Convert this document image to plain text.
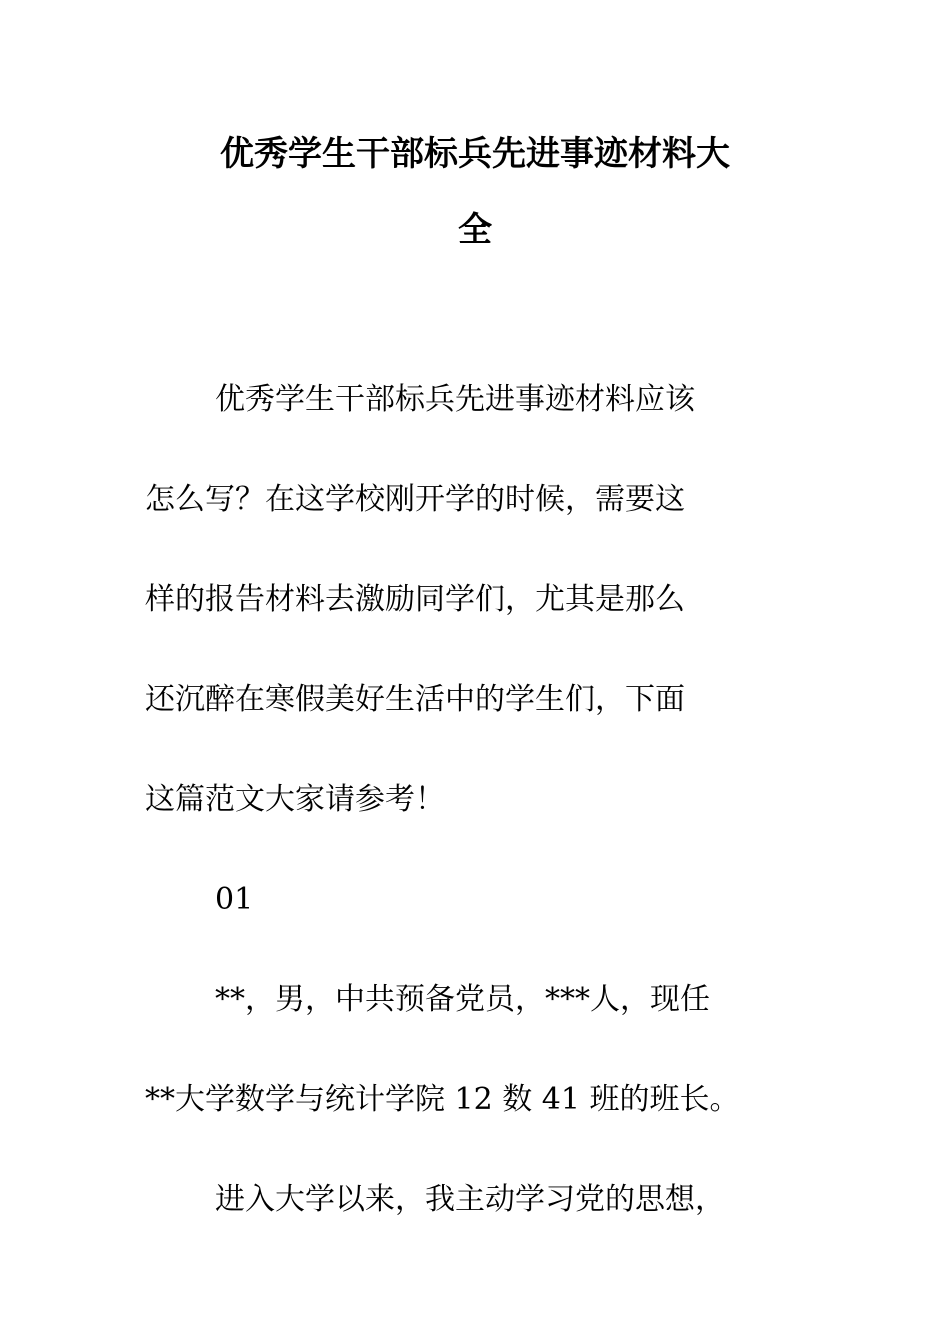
优秀学生干部标兵先进事迹材料大
全

优秀学生干部标兵先进事迹材料应该

怎么写？在这学校刚开学的时候，需要这

样的报告材料去激励同学们，尤其是那么

还沉醉在寒假美好生活中的学生们，下面

这篇范文大家请参考！

01

**，男，中共预备党员，***人，现任

**大学数学与统计学院 12 数 41 班的班长。

进入大学以来，我主动学习党的思想，
